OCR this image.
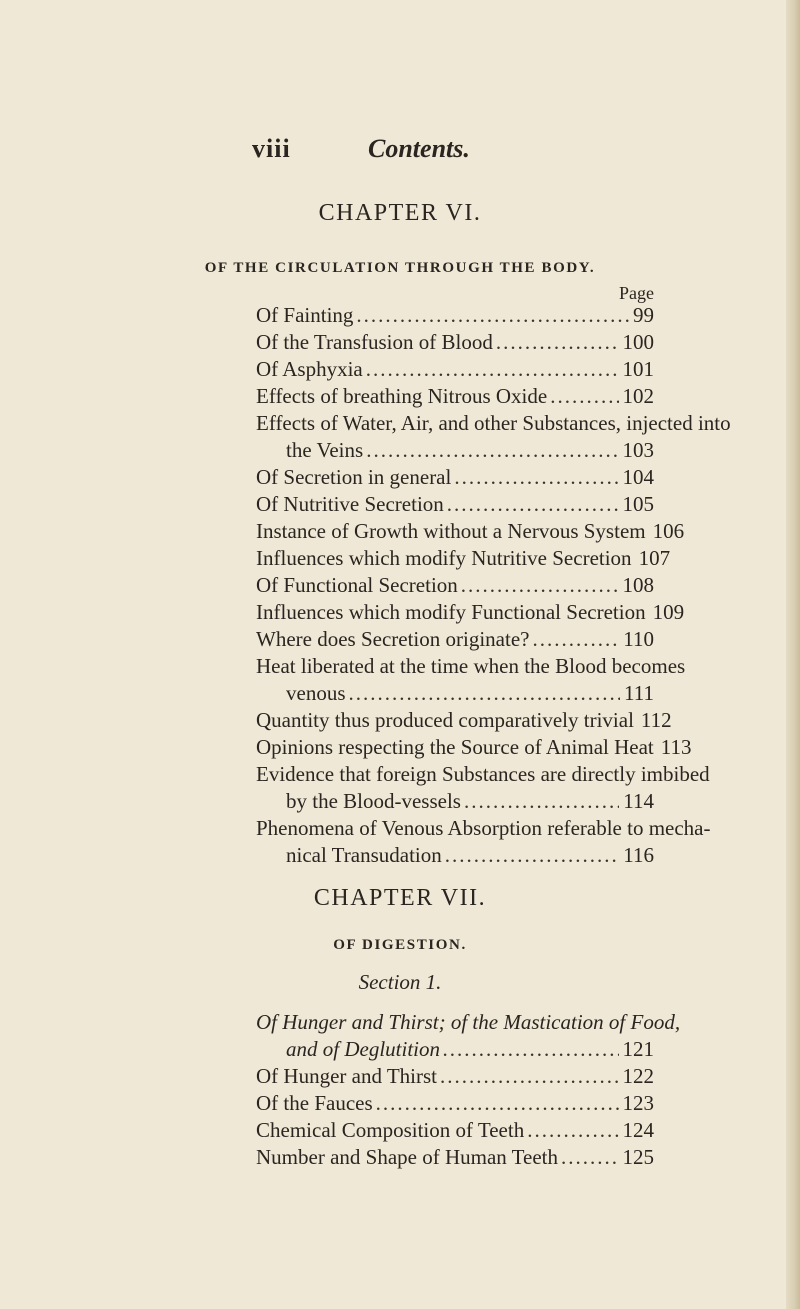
viii	Contents.
CHAPTER VI.
OF THE CIRCULATION THROUGH THE BODY.
Page
Of Fainting .....	99
Of the Transfusion of Blood .....	100
Of Asphyxia .....	101
Effects of breathing Nitrous Oxide .....	102
Effects of Water, Air, and other Substances, injected into
the Veins .....	103
Of Secretion in general .....	104
Of Nutritive Secretion .....	105
Instance of Growth without a Nervous System 106
Influences which modify Nutritive Secretion 107
Of Functional Secretion .....	108
Influences which modify Functional Secretion 109
Where does Secretion originate? .....	110
Heat liberated at the time when the Blood becomes
venous .....	111
Quantity thus produced comparatively trivial 112
Opinions respecting the Source of Animal Heat 113
Evidence that foreign Substances are directly imbibed
by the Blood-vessels .....	114
Phenomena of Venous Absorption referable to mecha-
nical Transudation .....	116
CHAPTER VII.
OF DIGESTION.
Section 1.
Of Hunger and Thirst; of the Mastication of Food,
and of Deglutition .....	121
Of Hunger and Thirst .....	122
Of the Fauces .....	123
Chemical Composition of Teeth .....	124
Number and Shape of Human Teeth .....	125
